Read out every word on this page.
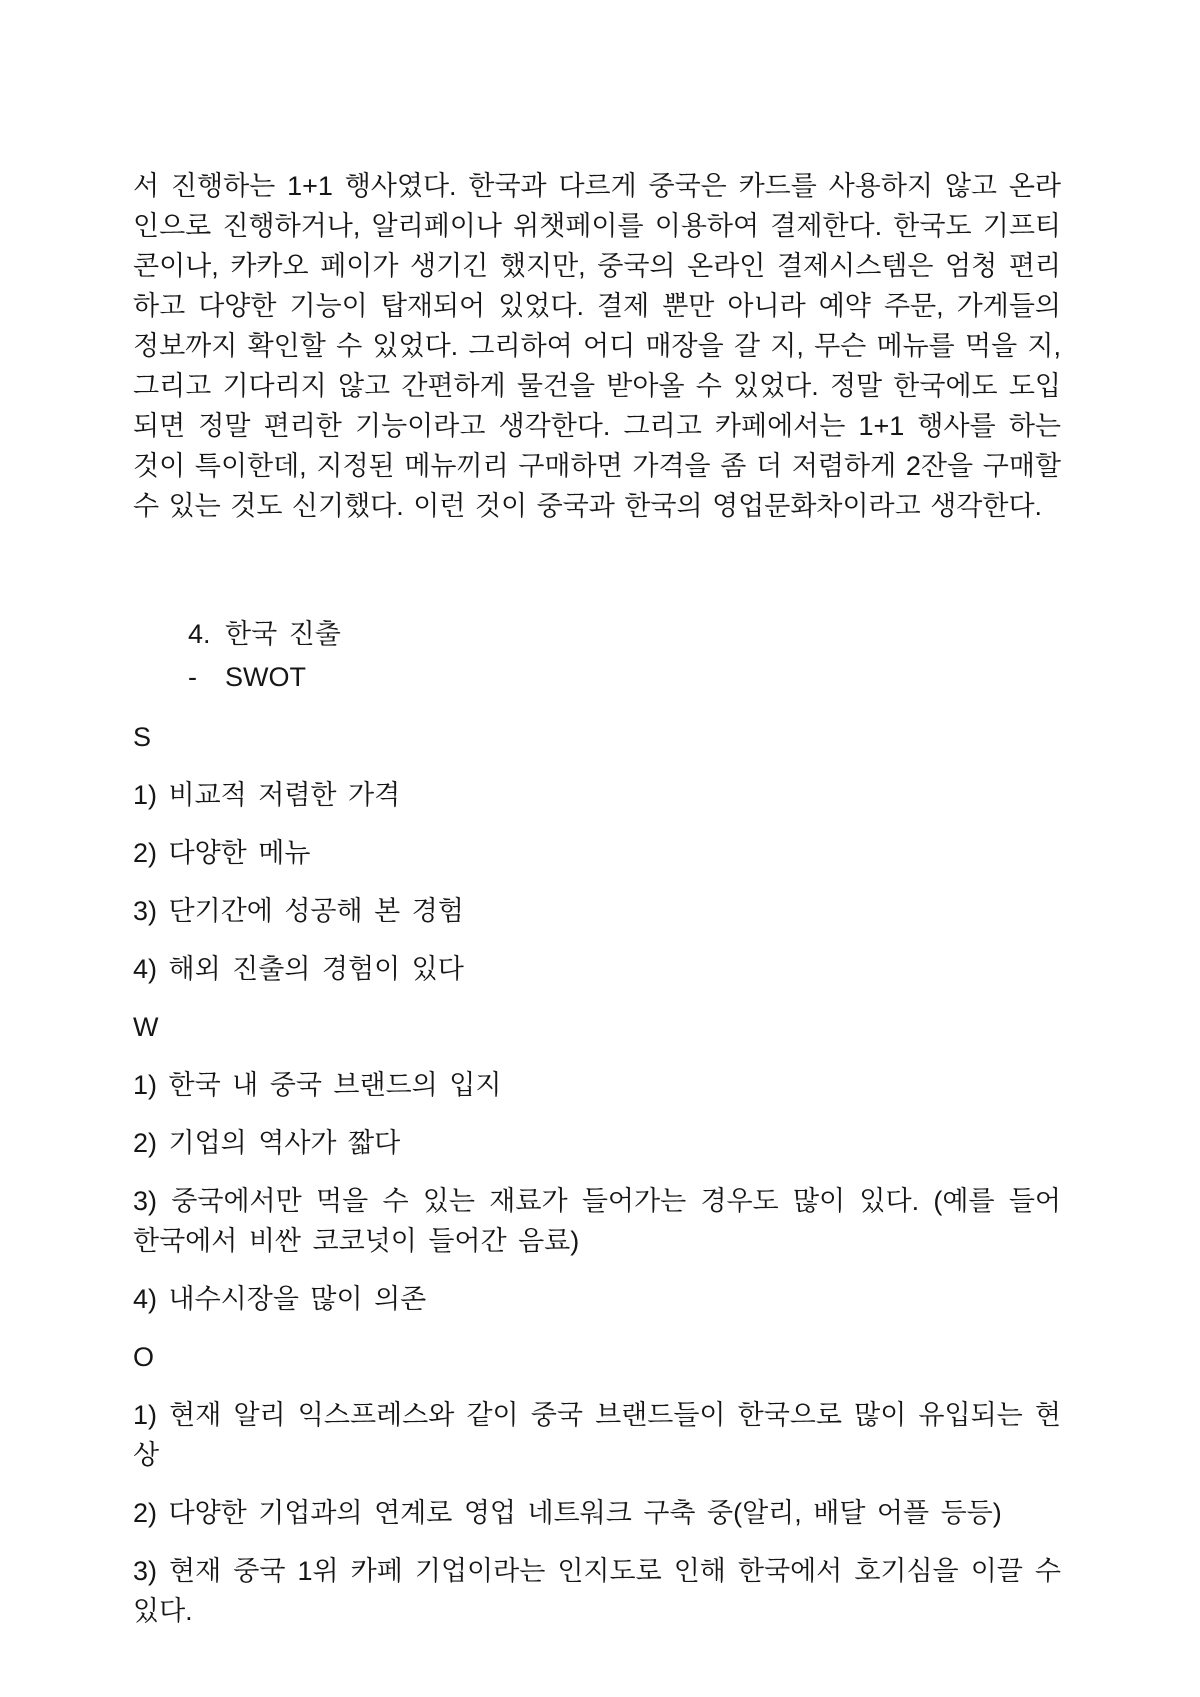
서 진행하는 1+1 행사였다. 한국과 다르게 중국은 카드를 사용하지 않고 온라인으로 진행하거나, 알리페이나 위챗페이를 이용하여 결제한다. 한국도 기프티콘이나, 카카오 페이가 생기긴 했지만, 중국의 온라인 결제시스템은 엄청 편리하고 다양한 기능이 탑재되어 있었다. 결제 뿐만 아니라 예약 주문, 가게들의 정보까지 확인할 수 있었다. 그리하여 어디 매장을 갈 지, 무슨 메뉴를 먹을 지, 그리고 기다리지 않고 간편하게 물건을 받아올 수 있었다. 정말 한국에도 도입되면 정말 편리한 기능이라고 생각한다. 그리고 카페에서는 1+1 행사를 하는 것이 특이한데, 지정된 메뉴끼리 구매하면 가격을 좀 더 저렴하게 2잔을 구매할 수 있는 것도 신기했다. 이런 것이 중국과 한국의 영업문화차이라고 생각한다.

4. 한국 진출
- SWOT

S

1) 비교적 저렴한 가격

2) 다양한 메뉴

3) 단기간에 성공해 본 경험

4) 해외 진출의 경험이 있다

W

1) 한국 내 중국 브랜드의 입지

2) 기업의 역사가 짧다

3) 중국에서만 먹을 수 있는 재료가 들어가는 경우도 많이 있다. (예를 들어 한국에서 비싼 코코넛이 들어간 음료)

4) 내수시장을 많이 의존

O

1) 현재 알리 익스프레스와 같이 중국 브랜드들이 한국으로 많이 유입되는 현상

2) 다양한 기업과의 연계로 영업 네트워크 구축 중(알리, 배달 어플 등등)

3) 현재 중국 1위 카페 기업이라는 인지도로 인해 한국에서 호기심을 이끌 수 있다.
